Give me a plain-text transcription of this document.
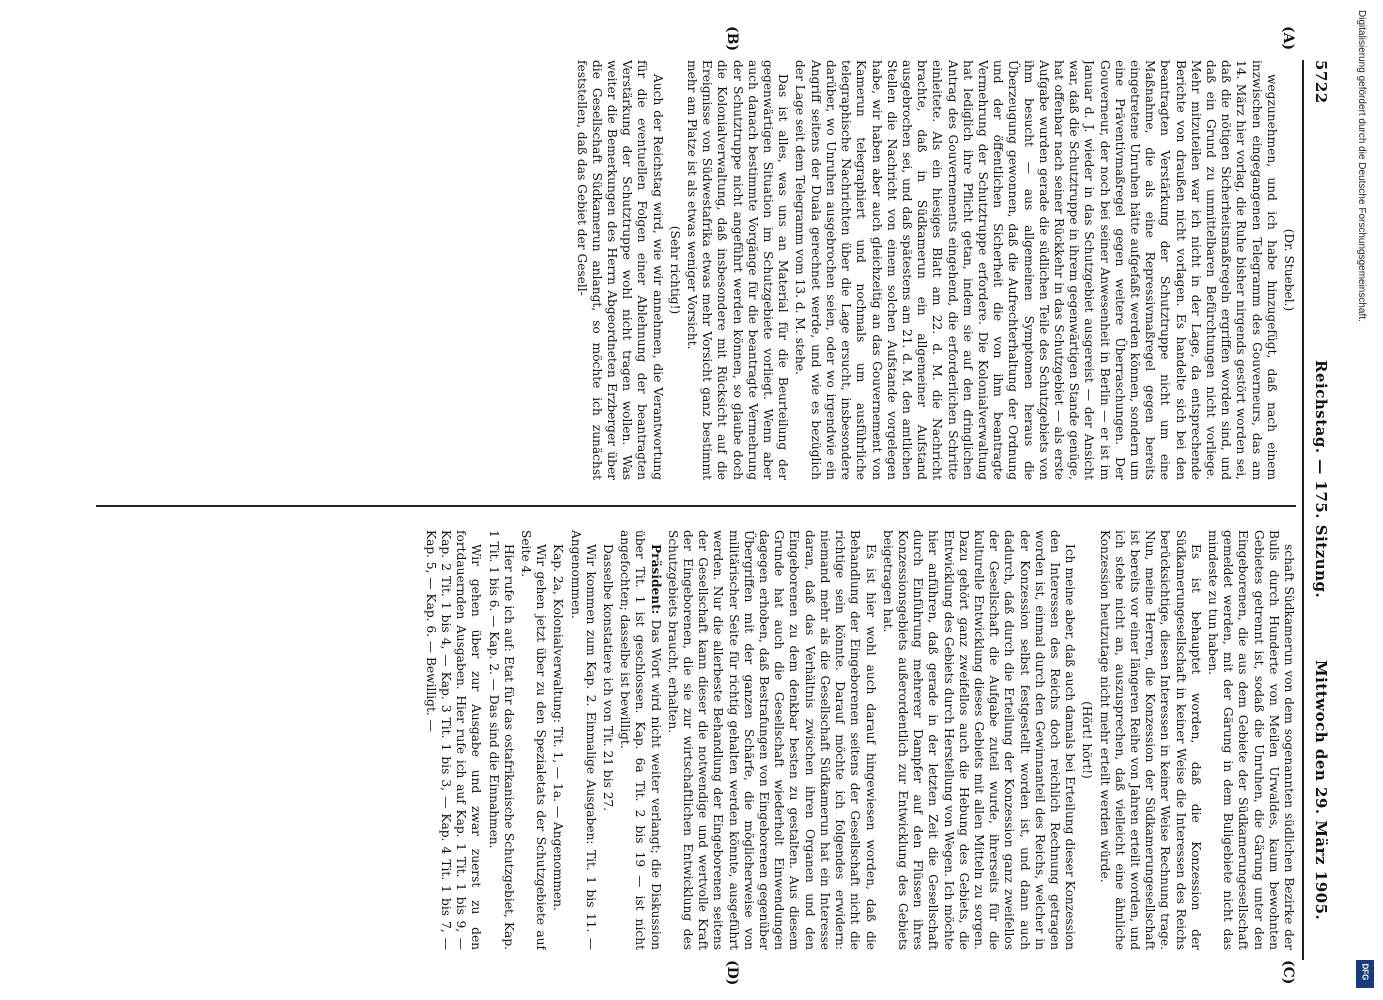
5722
Reichstag. — 175. Sitzung.
Mittwoch den 29. März 1905.

(Dr. Stuebel.)

wegzunehmen, und ich habe hinzugefügt, daß nach einem inzwischen eingegangenen Telegramm des Gouverneurs, das am 14. März hier vorlag, die Ruhe bisher nirgends gestört worden sei, daß die nötigen Sicherheitsmaßregeln ergriffen worden sind, und daß ein Grund zu unmittelbaren Befürchtungen nicht vorliege. Mehr mitzuteilen war ich nicht in der Lage, da entsprechende Berichte von draußen nicht vorlagen. Es handelte sich bei den beantragten Verstärkung der Schutztruppe nicht um eine Maßnahme, die als eine Repressivmaßregel gegen bereits eingetretene Unruhen hätte aufgefaßt werden können, sondern um eine Präventivmaßregel gegen weitere Überraschungen. Der Gouverneur, der noch bei seiner Anwesenheit in Berlin — er ist im Januar d. J. wieder in das Schutzgebiet ausgereist — der Ansicht war, daß die Schutztruppe in ihrem gegenwärtigen Stande genüge, hat offenbar nach seiner Rückkehr in das Schutzgebiet — als erste Aufgabe wurden gerade die südlichen Teile des Schutzgebiets von ihm besucht — aus allgemeinen Symptomen heraus die Überzeugung gewonnen, daß die Aufrechterhaltung der Ordnung und der öffentlichen Sicherheit die von ihm beantragte Vermehrung der Schutztruppe erfordere. Die Kolonialverwaltung hat lediglich ihre Pflicht getan, indem sie auf den dringlichen Antrag des Gouvernements eingehend, die erforderlichen Schritte einleitete. Als ein hiesiges Blatt am 22. d. M. die Nachricht brachte, daß in Südkamerun ein allgemeiner Aufstand ausgebrochen sei, und daß spätestens am 21. d. M. den amtlichen Stellen die Nachricht von einem solchen Aufstande vorgelegen habe, wir haben aber auch gleichzeitig an das Gouvernement von Kamerun telegraphiert und nochmals um ausführliche telegraphische Nachrichten über die Lage ersucht, insbesondere darüber, wo Unruhen ausgebrochen seien, oder wo irgendwie ein Angriff seitens der Duala gerechnet werde, und wie es bezüglich der Lage seit dem Telegramm vom 13. d. M. stehe.

Das ist alles, was uns an Material für die Beurteilung der gegenwärtigen Situation im Schutzgebiete vorliegt. Wenn aber auch danach bestimmte Vorgänge für die beantragte Vermehrung der Schutztruppe nicht angeführt werden können, so glaube doch die Kolonialverwaltung, daß insbesondere mit Rücksicht auf die Ereignisse von Südwestafrika etwas mehr Vorsicht ganz bestimmt mehr am Platze ist als etwas weniger Vorsicht.

(Sehr richtig!)

Auch der Reichstag wird, wie wir annehmen, die Verantwortung für die eventuellen Folgen einer Ablehnung der beantragten Verstärkung der Schutztruppe wohl nicht tragen wollen. Was weiter die Bemerkungen des Herrn Abgeordneten Erzberger über die Gesellschaft Südkamerun anlangt, so möchte ich zunächst feststellen, daß das Gebiet der Gesell-

schaft Südkamerun von dem sogenannten südlichen Bezirke der Bulis durch Hunderte von Meilen Urwaldes, kaum bewohnten Gebietes getrennt ist, sodaß die Unruhen, die Gärung unter den Eingeborenen, die aus dem Gebiete der Südkamerungesellschaft gemeldet werden, mit der Gärung in dem Buligebiete nicht das mindeste zu tun haben.

Es ist behauptet worden, daß die Konzession der Südkamerungesellschaft in keiner Weise die Interessen des Reichs berücksichtige, diesen Interessen in keiner Weise Rechnung trage. Nun, meine Herren, die Konzession der Südkamerungesellschaft ist bereits vor einer längeren Reihe von Jahren erteilt worden, und ich stehe nicht an, auszusprechen, daß vielleicht eine ähnliche Konzession heutzutage nicht mehr erteilt werden würde.

(Hört! hört!)

Ich meine aber, daß auch damals bei Erteilung dieser Konzession den Interessen des Reichs doch reichlich Rechnung getragen worden ist, einmal durch den Gewinnanteil des Reichs, welcher in der Konzession selbst festgestellt worden ist, und dann auch dadurch, daß durch die Erteilung der Konzession ganz zweifellos der Gesellschaft die Aufgabe zuteil wurde, ihrerseits für die kulturelle Entwicklung dieses Gebiets mit allen Mitteln zu sorgen. Dazu gehört ganz zweifellos auch die Hebung des Gebiets, die Entwicklung des Gebiets durch Herstellung von Wegen. Ich möchte hier anführen, daß gerade in der letzten Zeit die Gesellschaft durch Einführung mehrerer Dampfer auf den Flüssen ihres Konzessionsgebiets außerordentlich zur Entwicklung des Gebiets beigetragen hat.

Es ist hier wohl auch darauf hingewiesen worden, daß die Behandlung der Eingeborenen seitens der Gesellschaft nicht die richtige sein könnte. Darauf möchte ich folgendes erwidern: niemand mehr als die Gesellschaft Südkamerun hat ein Interesse daran, daß das Verhältnis zwischen ihren Organen und den Eingeborenen zu dem denkbar besten zu gestalten. Aus diesem Grunde hat auch die Gesellschaft wiederholt Einwendungen dagegen erhoben, daß Bestrafungen von Eingeborenen gegenüber Übergriffen mit der ganzen Schärfe, die möglicherweise von militärischer Seite für richtig gehalten werden könnte, ausgeführt werden. Nur die allerbeste Behandlung der Eingeborenen seitens der Gesellschaft kann dieser die notwendige und wertvolle Kraft der Eingeborenen, die sie zur wirtschaftlichen Entwicklung des Schutzgebiets braucht, erhalten.

Präsident: Das Wort wird nicht weiter verlangt; die Diskussion über Tit. 1 ist geschlossen. Kap. 6a Tit. 2 bis 19 — ist nicht angefochten; dasselbe ist bewilligt.

Dasselbe konstatiere ich von Tit. 21 bis 27.

Wir kommen zum Kap. 2. Einmalige Ausgaben: Tit. 1 bis 11. — Angenommen.

Kap. 2a, Kolonialverwaltung: Tit. 1, — 1a. — Angenommen.

Wir gehen jetzt über zu den Spezialetats der Schutzgebiete auf Seite 4.

Hier rufe ich auf: Etat für das ostafrikanische Schutzgebiet, Kap. 1 Tit. 1 bis 6. — Kap. 2. — Das sind die Einnahmen.

Wir gehen über zur Ausgabe und zwar zuerst zu den fortdauernden Ausgaben. Hier rufe ich auf Kap. 1 Tit. 1 bis 9, — Kap. 2 Tit. 1 bis 4, — Kap. 3 Tit. 1 bis 3, — Kap. 4 Tit. 1 bis 7, — Kap. 5, — Kap. 6. — Bewilligt. —

(A)
(B)
(C)
(D)
Digitalisierung gefördert durch die Deutsche Forschungsgemeinschaft.
DFG
